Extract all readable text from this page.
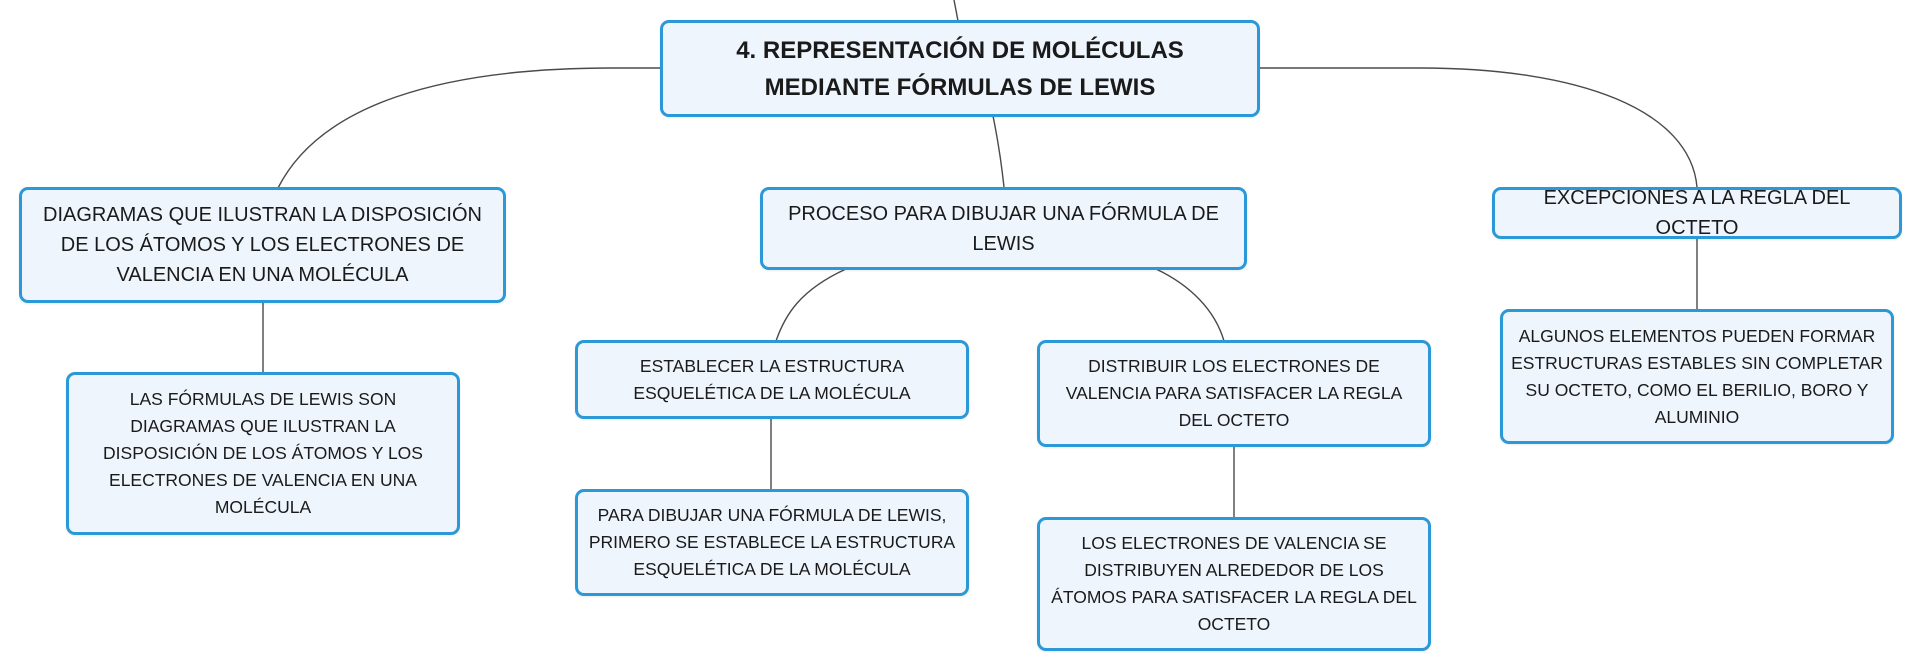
4. REPRESENTACIÓN DE MOLÉCULAS MEDIANTE FÓRMULAS DE LEWIS
DIAGRAMAS QUE ILUSTRAN LA DISPOSICIÓN DE LOS ÁTOMOS Y LOS ELECTRONES DE VALENCIA EN UNA MOLÉCULA
PROCESO PARA DIBUJAR UNA FÓRMULA DE LEWIS
EXCEPCIONES A LA REGLA DEL OCTETO
LAS FÓRMULAS DE LEWIS SON DIAGRAMAS QUE ILUSTRAN LA DISPOSICIÓN DE LOS ÁTOMOS Y LOS ELECTRONES DE VALENCIA EN UNA MOLÉCULA
ESTABLECER LA ESTRUCTURA ESQUELÉTICA DE LA MOLÉCULA
PARA DIBUJAR UNA FÓRMULA DE LEWIS, PRIMERO SE ESTABLECE LA ESTRUCTURA ESQUELÉTICA DE LA MOLÉCULA
DISTRIBUIR LOS ELECTRONES DE VALENCIA PARA SATISFACER LA REGLA DEL OCTETO
LOS ELECTRONES DE VALENCIA SE DISTRIBUYEN ALREDEDOR DE LOS ÁTOMOS PARA SATISFACER LA REGLA DEL OCTETO
ALGUNOS ELEMENTOS PUEDEN FORMAR ESTRUCTURAS ESTABLES SIN COMPLETAR SU OCTETO, COMO EL BERILIO, BORO Y ALUMINIO
